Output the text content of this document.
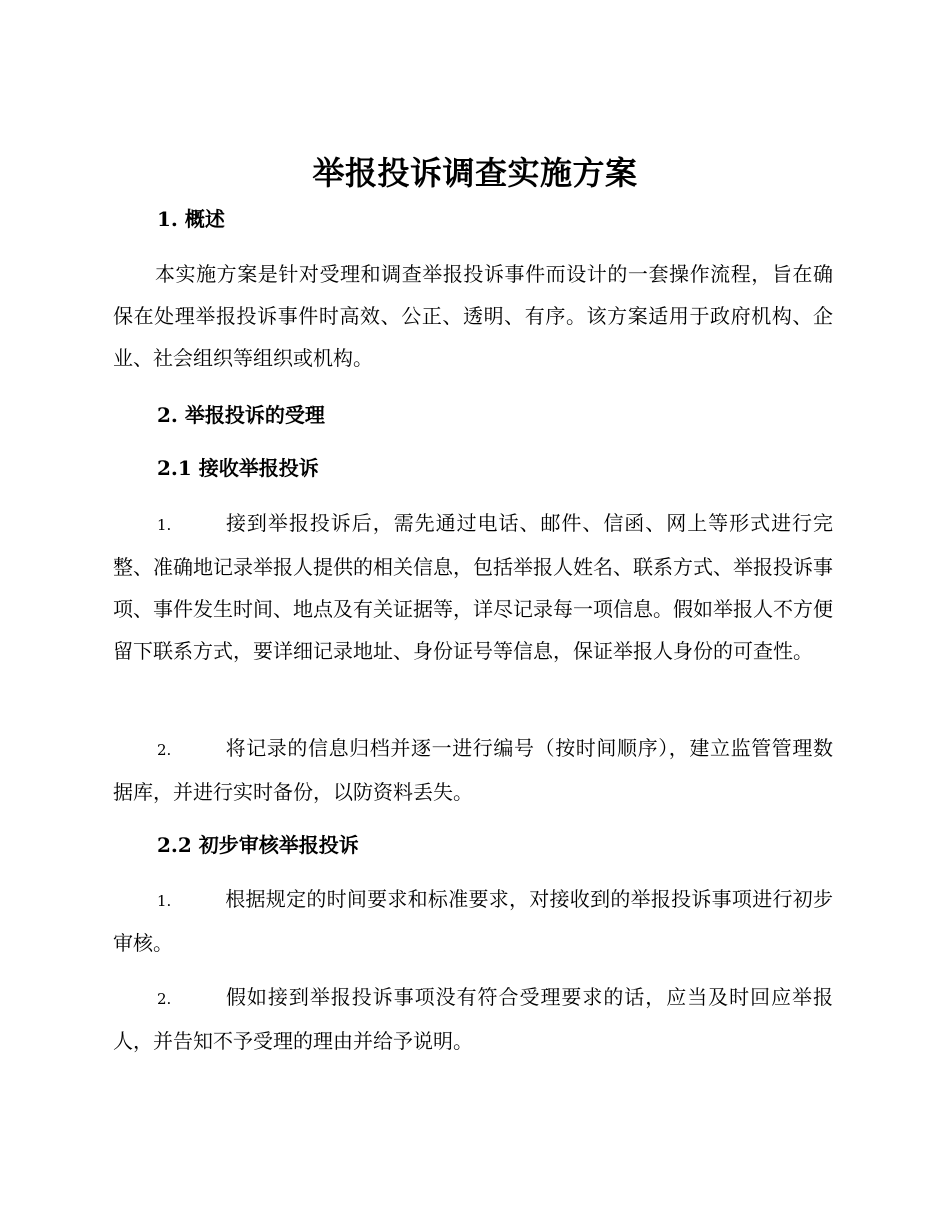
举报投诉调查实施方案
1. 概述

本实施方案是针对受理和调查举报投诉事件而设计的一套操作流程，旨在确保在处理举报投诉事件时高效、公正、透明、有序。该方案适用于政府机构、企业、社会组织等组织或机构。

2. 举报投诉的受理
2.1 接收举报投诉

1.	接到举报投诉后，需先通过电话、邮件、信函、网上等形式进行完整、准确地记录举报人提供的相关信息，包括举报人姓名、联系方式、举报投诉事项、事件发生时间、地点及有关证据等，详尽记录每一项信息。假如举报人不方便留下联系方式，要详细记录地址、身份证号等信息，保证举报人身份的可查性。

2.	将记录的信息归档并逐一进行编号（按时间顺序），建立监管管理数据库，并进行实时备份，以防资料丢失。

2.2 初步审核举报投诉

1.	根据规定的时间要求和标准要求，对接收到的举报投诉事项进行初步审核。

2.	假如接到举报投诉事项没有符合受理要求的话，应当及时回应举报人，并告知不予受理的理由并给予说明。
